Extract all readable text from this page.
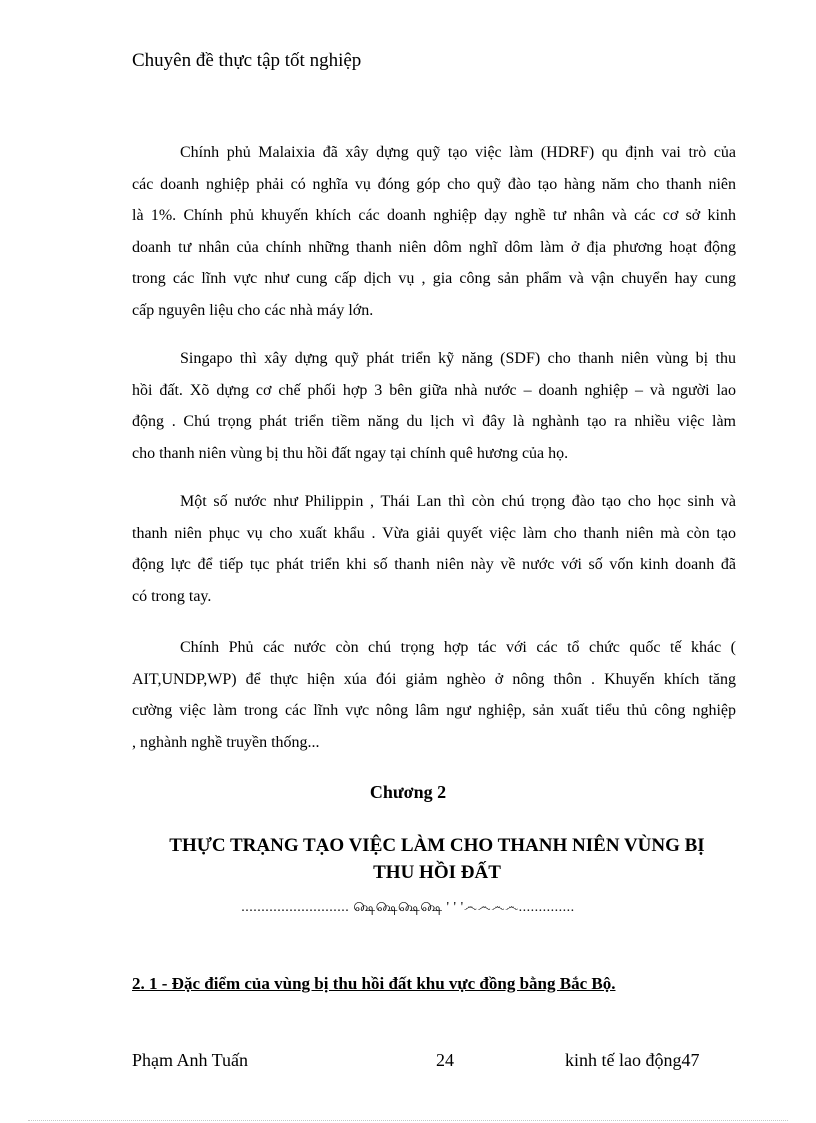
Chuyên đề thực tập tốt nghiệp
Chính phủ Malaixia đã xây dựng quỹ tạo việc làm (HDRF) qu định vai trò của
các doanh nghiệp phải có nghĩa vụ đóng góp cho quỹ đào tạo hàng năm cho thanh niên
là 1%. Chính phủ khuyến khích các doanh nghiệp dạy nghề tư nhân và các cơ sở kinh
doanh tư nhân của chính những thanh niên dôm nghĩ dôm làm ở địa phương hoạt động
trong các lĩnh vực như cung cấp dịch vụ , gia công sản phẩm và vận chuyển hay cung
cấp nguyên liệu cho các nhà máy lớn.
Singapo thì xây dựng quỹ phát triển kỹ năng (SDF) cho thanh niên vùng bị thu
hồi đất. Xõ dựng cơ chế phối hợp 3 bên giữa nhà nước – doanh nghiệp – và người lao
động . Chú trọng phát triển tiềm năng du lịch vì đây là nghành tạo ra nhiều việc làm
cho thanh niên vùng bị thu hồi đất ngay tại chính quê hương của họ.
Một số nước như Philippin , Thái Lan thì còn chú trọng đào tạo cho học sinh và
thanh niên phục vụ cho xuất khẩu . Vừa giải quyết việc làm cho thanh niên mà còn tạo
động lực để tiếp tục phát triển khi số thanh niên này về nước với số vốn kinh doanh đã
có trong tay.
Chính Phủ các nước còn chú trọng hợp tác với các tổ chức quốc tế khác (
AIT,UNDP,WP) để thực hiện xúa đói giảm nghèo ở nông thôn . Khuyến khích tăng
cường việc làm trong các lĩnh vực nông lâm ngư nghiệp, sản xuất tiểu thủ công nghiệp
, nghành nghề truyền thống...
Chương 2
THỰC TRẠNG TẠO VIỆC LÀM CHO THANH NIÊN VÙNG BỊ
THU HỒI ĐẤT
........................... ௸௸௸௸ ' ' '෴෴෴෴..............
2. 1 - Đặc điểm của vùng bị thu hồi đất khu vực đồng bằng Bắc Bộ.
Phạm Anh Tuấn	24	kinh tế lao động47
